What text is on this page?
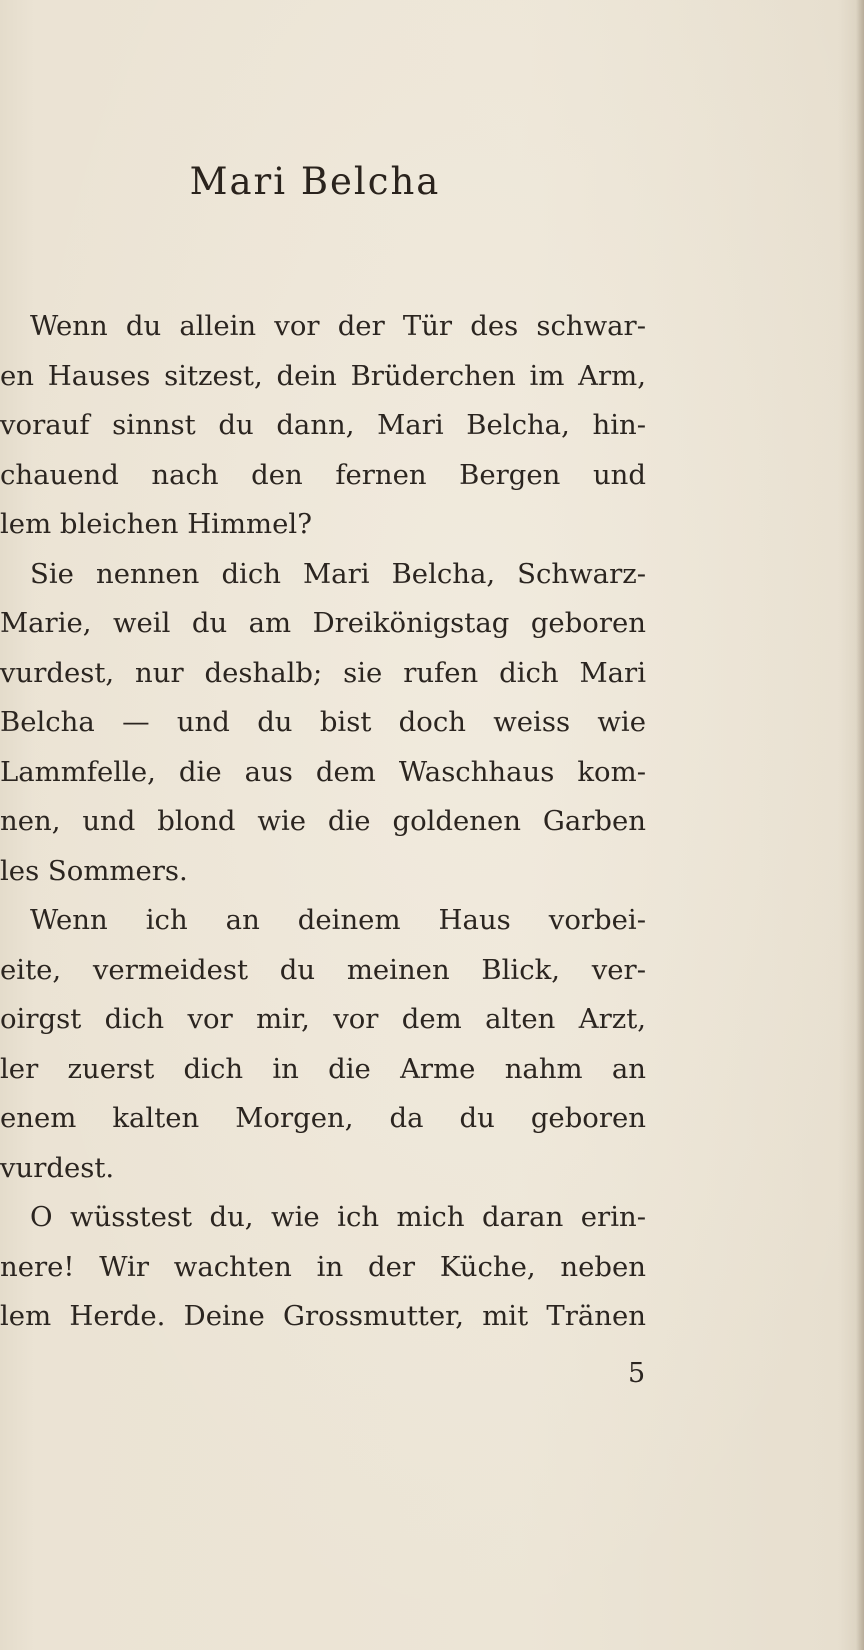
Mari Belcha
Wenn du allein vor der Tür des schwar-
en Hauses sitzest, dein Brüderchen im Arm,
vorauf sinnst du dann, Mari Belcha, hin-
chauend nach den fernen Bergen und
lem bleichen Himmel?
Sie nennen dich Mari Belcha, Schwarz-
Marie, weil du am Dreikönigstag geboren
vurdest, nur deshalb; sie rufen dich Mari
Belcha — und du bist doch weiss wie
Lammfelle, die aus dem Waschhaus kom-
nen, und blond wie die goldenen Garben
les Sommers.
Wenn ich an deinem Haus vorbei-
eite, vermeidest du meinen Blick, ver-
oirgst dich vor mir, vor dem alten Arzt,
ler zuerst dich in die Arme nahm an
enem kalten Morgen, da du geboren
vurdest.
O wüsstest du, wie ich mich daran erin-
nere! Wir wachten in der Küche, neben
lem Herde. Deine Grossmutter, mit Tränen
5
